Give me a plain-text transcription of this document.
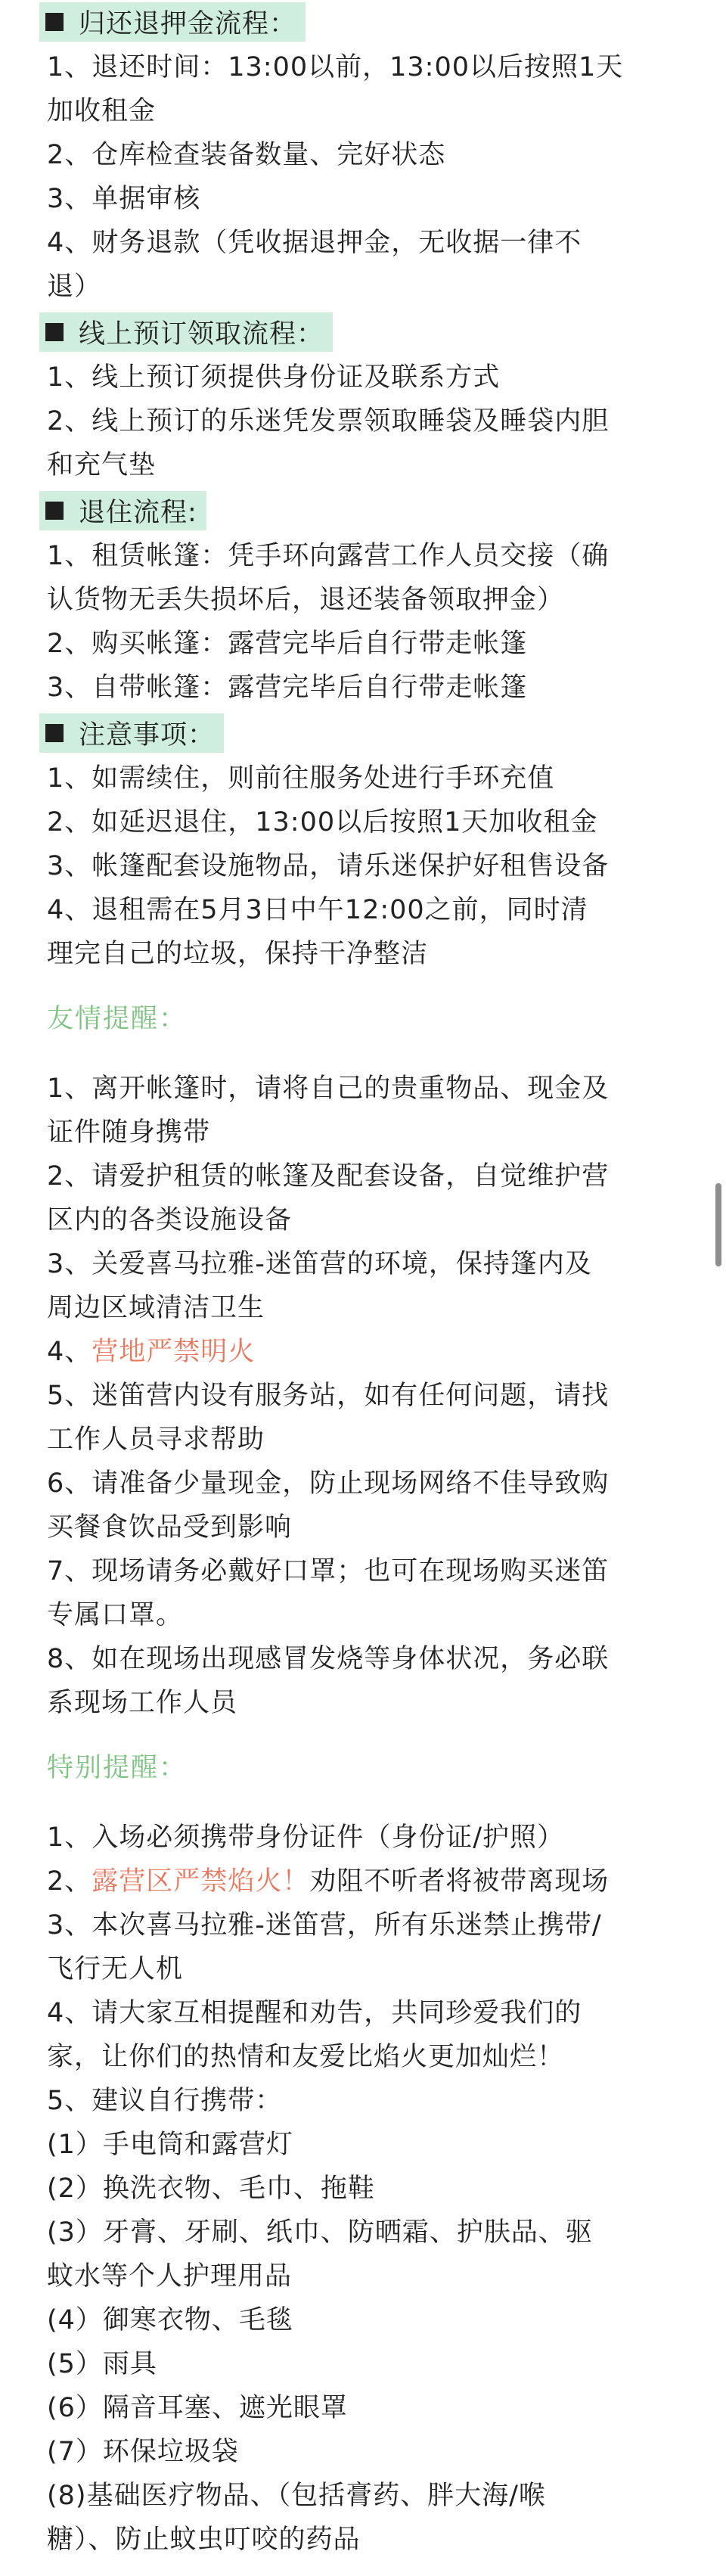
归还退押金流程：
1、退还时间：13:00以前，13:00以后按照1天
加收租金
2、仓库检查装备数量、完好状态
3、单据审核
4、财务退款（凭收据退押金，无收据一律不
退）
线上预订领取流程：
1、线上预订须提供身份证及联系方式
2、线上预订的乐迷凭发票领取睡袋及睡袋内胆
和充气垫
退住流程:
1、租赁帐篷：凭手环向露营工作人员交接（确
认货物无丢失损坏后，退还装备领取押金）
2、购买帐篷：露营完毕后自行带走帐篷
3、自带帐篷：露营完毕后自行带走帐篷
注意事项：
1、如需续住，则前往服务处进行手环充值
2、如延迟退住，13:00以后按照1天加收租金
3、帐篷配套设施物品，请乐迷保护好租售设备
4、退租需在5月3日中午12:00之前，同时清
理完自己的垃圾，保持干净整洁
友情提醒：
1、离开帐篷时，请将自己的贵重物品、现金及
证件随身携带
2、请爱护租赁的帐篷及配套设备，自觉维护营
区内的各类设施设备
3、关爱喜马拉雅-迷笛营的环境，保持篷内及
周边区域清洁卫生
4、营地严禁明火
5、迷笛营内设有服务站，如有任何问题，请找
工作人员寻求帮助
6、请准备少量现金，防止现场网络不佳导致购
买餐食饮品受到影响
7、现场请务必戴好口罩；也可在现场购买迷笛
专属口罩。
8、如在现场出现感冒发烧等身体状况，务必联
系现场工作人员
特别提醒：
1、入场必须携带身份证件（身份证/护照）
2、露营区严禁焰火！劝阻不听者将被带离现场
3、本次喜马拉雅-迷笛营，所有乐迷禁止携带/
飞行无人机
4、请大家互相提醒和劝告，共同珍爱我们的
家，让你们的热情和友爱比焰火更加灿烂！
5、建议自行携带：
(1）手电筒和露营灯
(2）换洗衣物、毛巾、拖鞋
(3）牙膏、牙刷、纸巾、防晒霜、护肤品、驱
蚊水等个人护理用品
(4）御寒衣物、毛毯
(5）雨具
(6）隔音耳塞、遮光眼罩
(7）环保垃圾袋
(8)基础医疗物品、（包括膏药、胖大海/喉
糖）、防止蚊虫叮咬的药品
